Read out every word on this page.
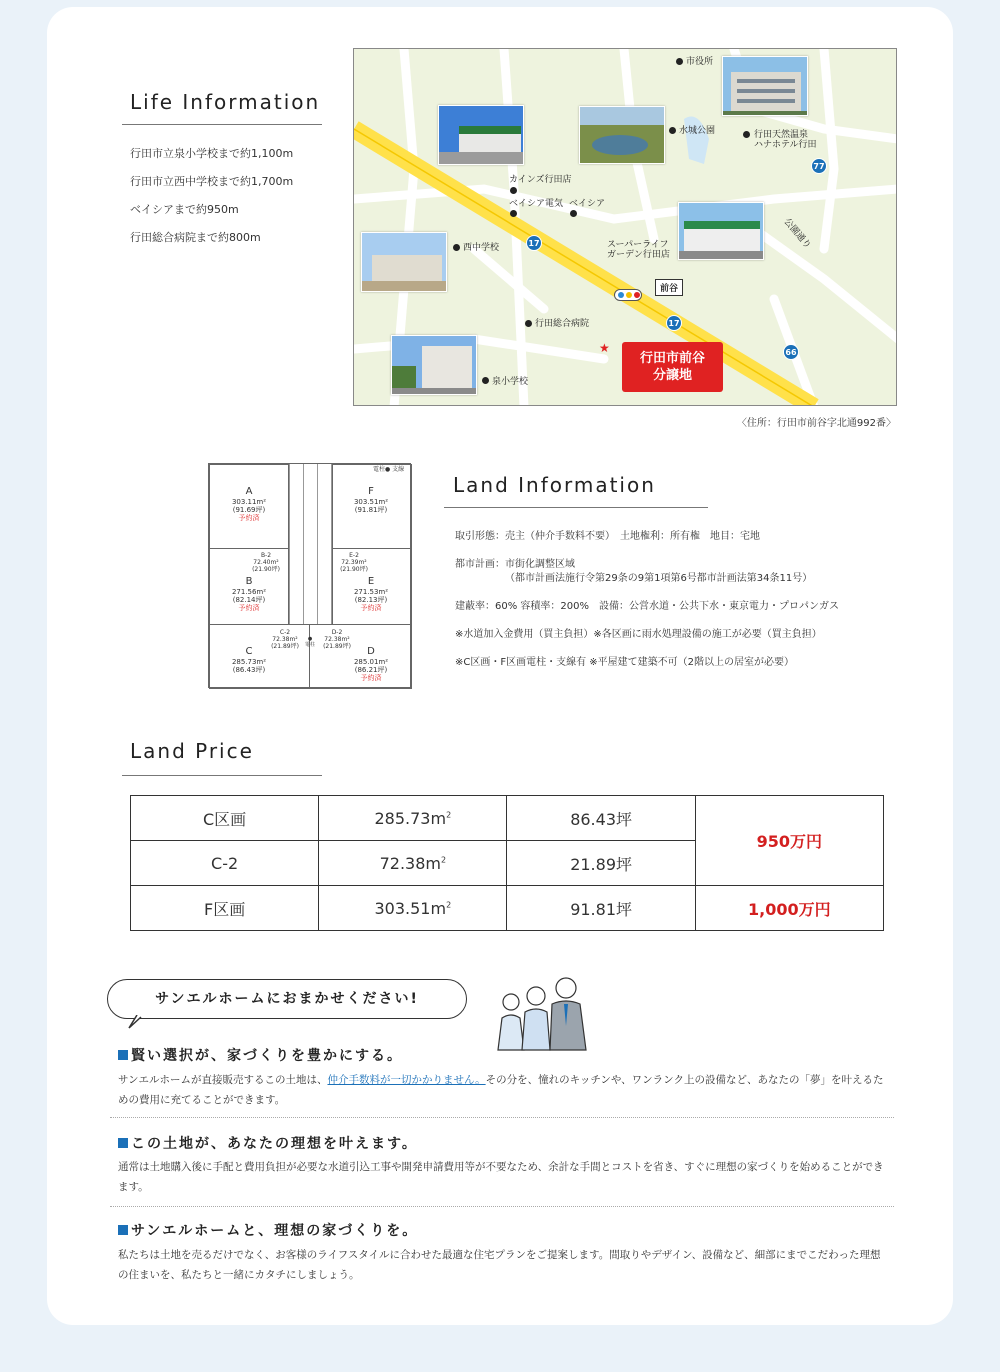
Life Information
行田市立泉小学校まで約1,100m
行田市立西中学校まで約1,700m
ベイシアまで約950m
行田総合病院まで約800m
市役所
水城公園	行田天然温泉
ハナホテル行田
カインズ行田店
ベイシア電気 ベイシア
西中学校	スーパーライフ
ガーデン行田店
前谷
行田総合病院
泉小学校
公園通り
77
17
17
66
★
行田市前谷
分譲地
〈住所：行田市前谷字北通992番〉
電柱● 支線
A
303.11m²
(91.69坪)
予約済
F
303.51m²
(91.81坪)
B-2
72.40m²
(21.90坪)
E-2
72.39m²
(21.90坪)
B
271.56m²
(82.14坪)
予約済
E
271.53m²
(82.13坪)
予約済
C-2
72.38m²
(21.89坪)
●
電柱
D-2
72.38m²
(21.89坪)
C
285.73m²
(86.43坪)
D
285.01m²
(86.21坪)
予約済
Land Information
取引形態：売主（仲介手数料不要）　土地権利：所有権　地目：宅地
都市計画：市街化調整区域
（都市計画法施行令第29条の9第1項第6号都市計画法第34条11号）
建蔽率：60% 容積率：200%　設備：公営水道・公共下水・東京電力・プロパンガス
※水道加入金費用（買主負担）※各区画に雨水処理設備の施工が必要（買主負担）
※C区画・F区画電柱・支線有 ※平屋建て建築不可（2階以上の居室が必要）
Land Price
C区画	$285.73m^2$	86.43坪	950万円
C-2	$72.38m^2$	21.89坪	
F区画	$303.51m^2$	91.81坪	1,000万円
サンエルホームにおまかせください!
賢い選択が、家づくりを豊かにする。
サンエルホームが直接販売するこの土地は、仲介手数料が一切かかりません。その分を、憧れのキッチンや、ワンランク上の設備など、あなたの「夢」を叶えるための費用に充てることができます。
この土地が、あなたの理想を叶えます。
通常は土地購入後に手配と費用負担が必要な水道引込工事や開発申請費用等が不要なため、余計な手間とコストを省き、すぐに理想の家づくりを始めることができます。
サンエルホームと、理想の家づくりを。
私たちは土地を売るだけでなく、お客様のライフスタイルに合わせた最適な住宅プランをご提案します。間取りやデザイン、設備など、細部にまでこだわった理想の住まいを、私たちと一緒にカタチにしましょう。
